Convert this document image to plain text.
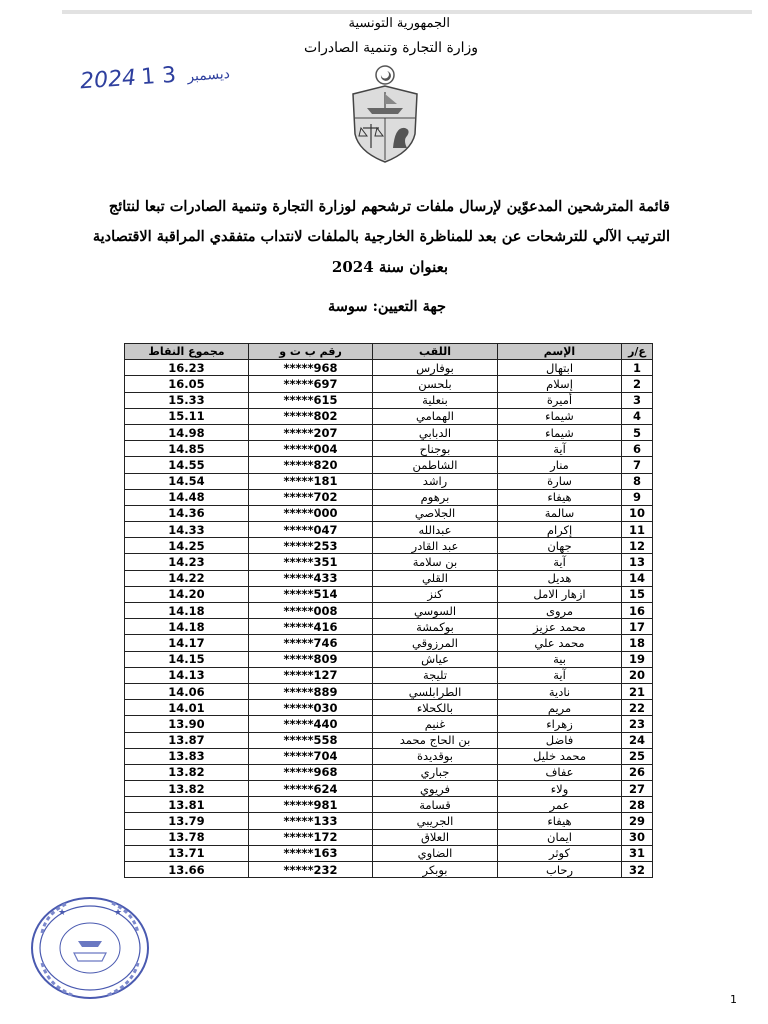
الجمهورية التونسية
وزارة التجارة وتنمية الصادرات
2024	ديسمبر 3 1
قائمة المترشحين المدعوّين لإرسال ملفات ترشحهم لوزارة التجارة وتنمية الصادرات تبعا لنتائج
الترتيب الآلي للترشحات عن بعد للمناظرة الخارجية بالملفات لانتداب متفقدي المراقبة الاقتصادية
بعنوان سنة 2024
جهة التعيين: سوسة
ع/ر	الإسم	اللقب	رقم ب ت و	مجموع النقاط
1	ابتهال	بوفارس	*****968	16.23
2	إسلام	بلحسن	*****697	16.05
3	أميرة	بنعلية	*****615	15.33
4	شيماء	الهمامي	*****802	15.11
5	شيماء	الدبابي	*****207	14.98
6	آية	بوجناح	*****004	14.85
7	منار	الشاطمن	*****820	14.55
8	سارة	راشد	*****181	14.54
9	هيفاء	برهوم	*****702	14.48
10	سالمة	الجلاصي	*****000	14.36
11	إكرام	عبدالله	*****047	14.33
12	جهان	عبد القادر	*****253	14.25
13	آية	بن سلامة	*****351	14.23
14	هديل	القلي	*****433	14.22
15	ازهار الامل	كنز	*****514	14.20
16	مروى	السوسي	*****008	14.18
17	محمد عزيز	بوكمشة	*****416	14.18
18	محمد علي	المرزوقي	*****746	14.17
19	بية	عياش	*****809	14.15
20	آية	تليجة	*****127	14.13
21	نادية	الطرابلسي	*****889	14.06
22	مريم	بالكحلاء	*****030	14.01
23	زهراء	غنيم	*****440	13.90
24	فاضل	بن الحاج محمد	*****558	13.87
25	محمد خليل	بوقديدة	*****704	13.83
26	عفاف	جباري	*****968	13.82
27	ولاء	فريوي	*****624	13.82
28	عمر	قسامة	*****981	13.81
29	هيفاء	الجريبي	*****133	13.79
30	ايمان	العلاق	*****172	13.78
31	كوثر	الضاوي	*****163	13.71
32	رحاب	بوبكر	*****232	13.66
★	★
1
